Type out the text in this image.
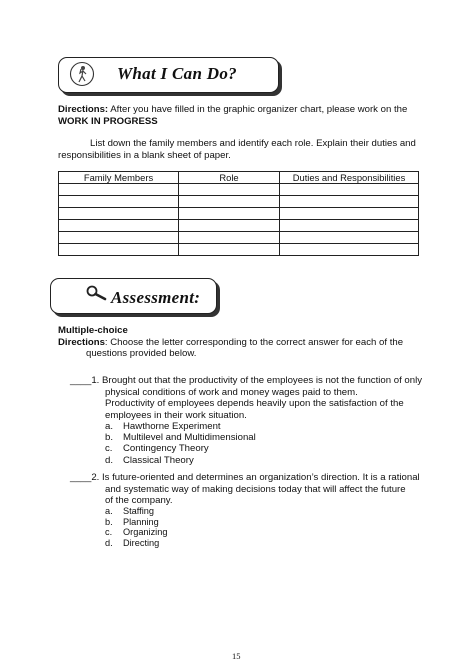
What I Can Do?
Directions: After you have filled in the graphic organizer chart, please work on the
WORK IN PROGRESS
List down the family members and identify each role. Explain their duties and
responsibilities in a blank sheet of paper.
Family Members	Role	Duties and Responsibilities

Assessment:
Multiple-choice
Directions: Choose the letter corresponding to the correct answer for each of the
questions provided below.
____1. Brought out that the productivity of the employees is not the function of only
physical conditions of work and money wages paid to them.
Productivity of employees depends heavily upon the satisfaction of the
employees in their work situation.
a.	Hawthorne Experiment
b.	Multilevel and Multidimensional
c.	Contingency Theory
d.	Classical Theory
____2. Is future-oriented and determines an organization’s direction. It is a rational
and systematic way of making decisions today that will affect the future
of the company.
a.	Staffing
b.	Planning
c.	Organizing
d.	Directing
15
